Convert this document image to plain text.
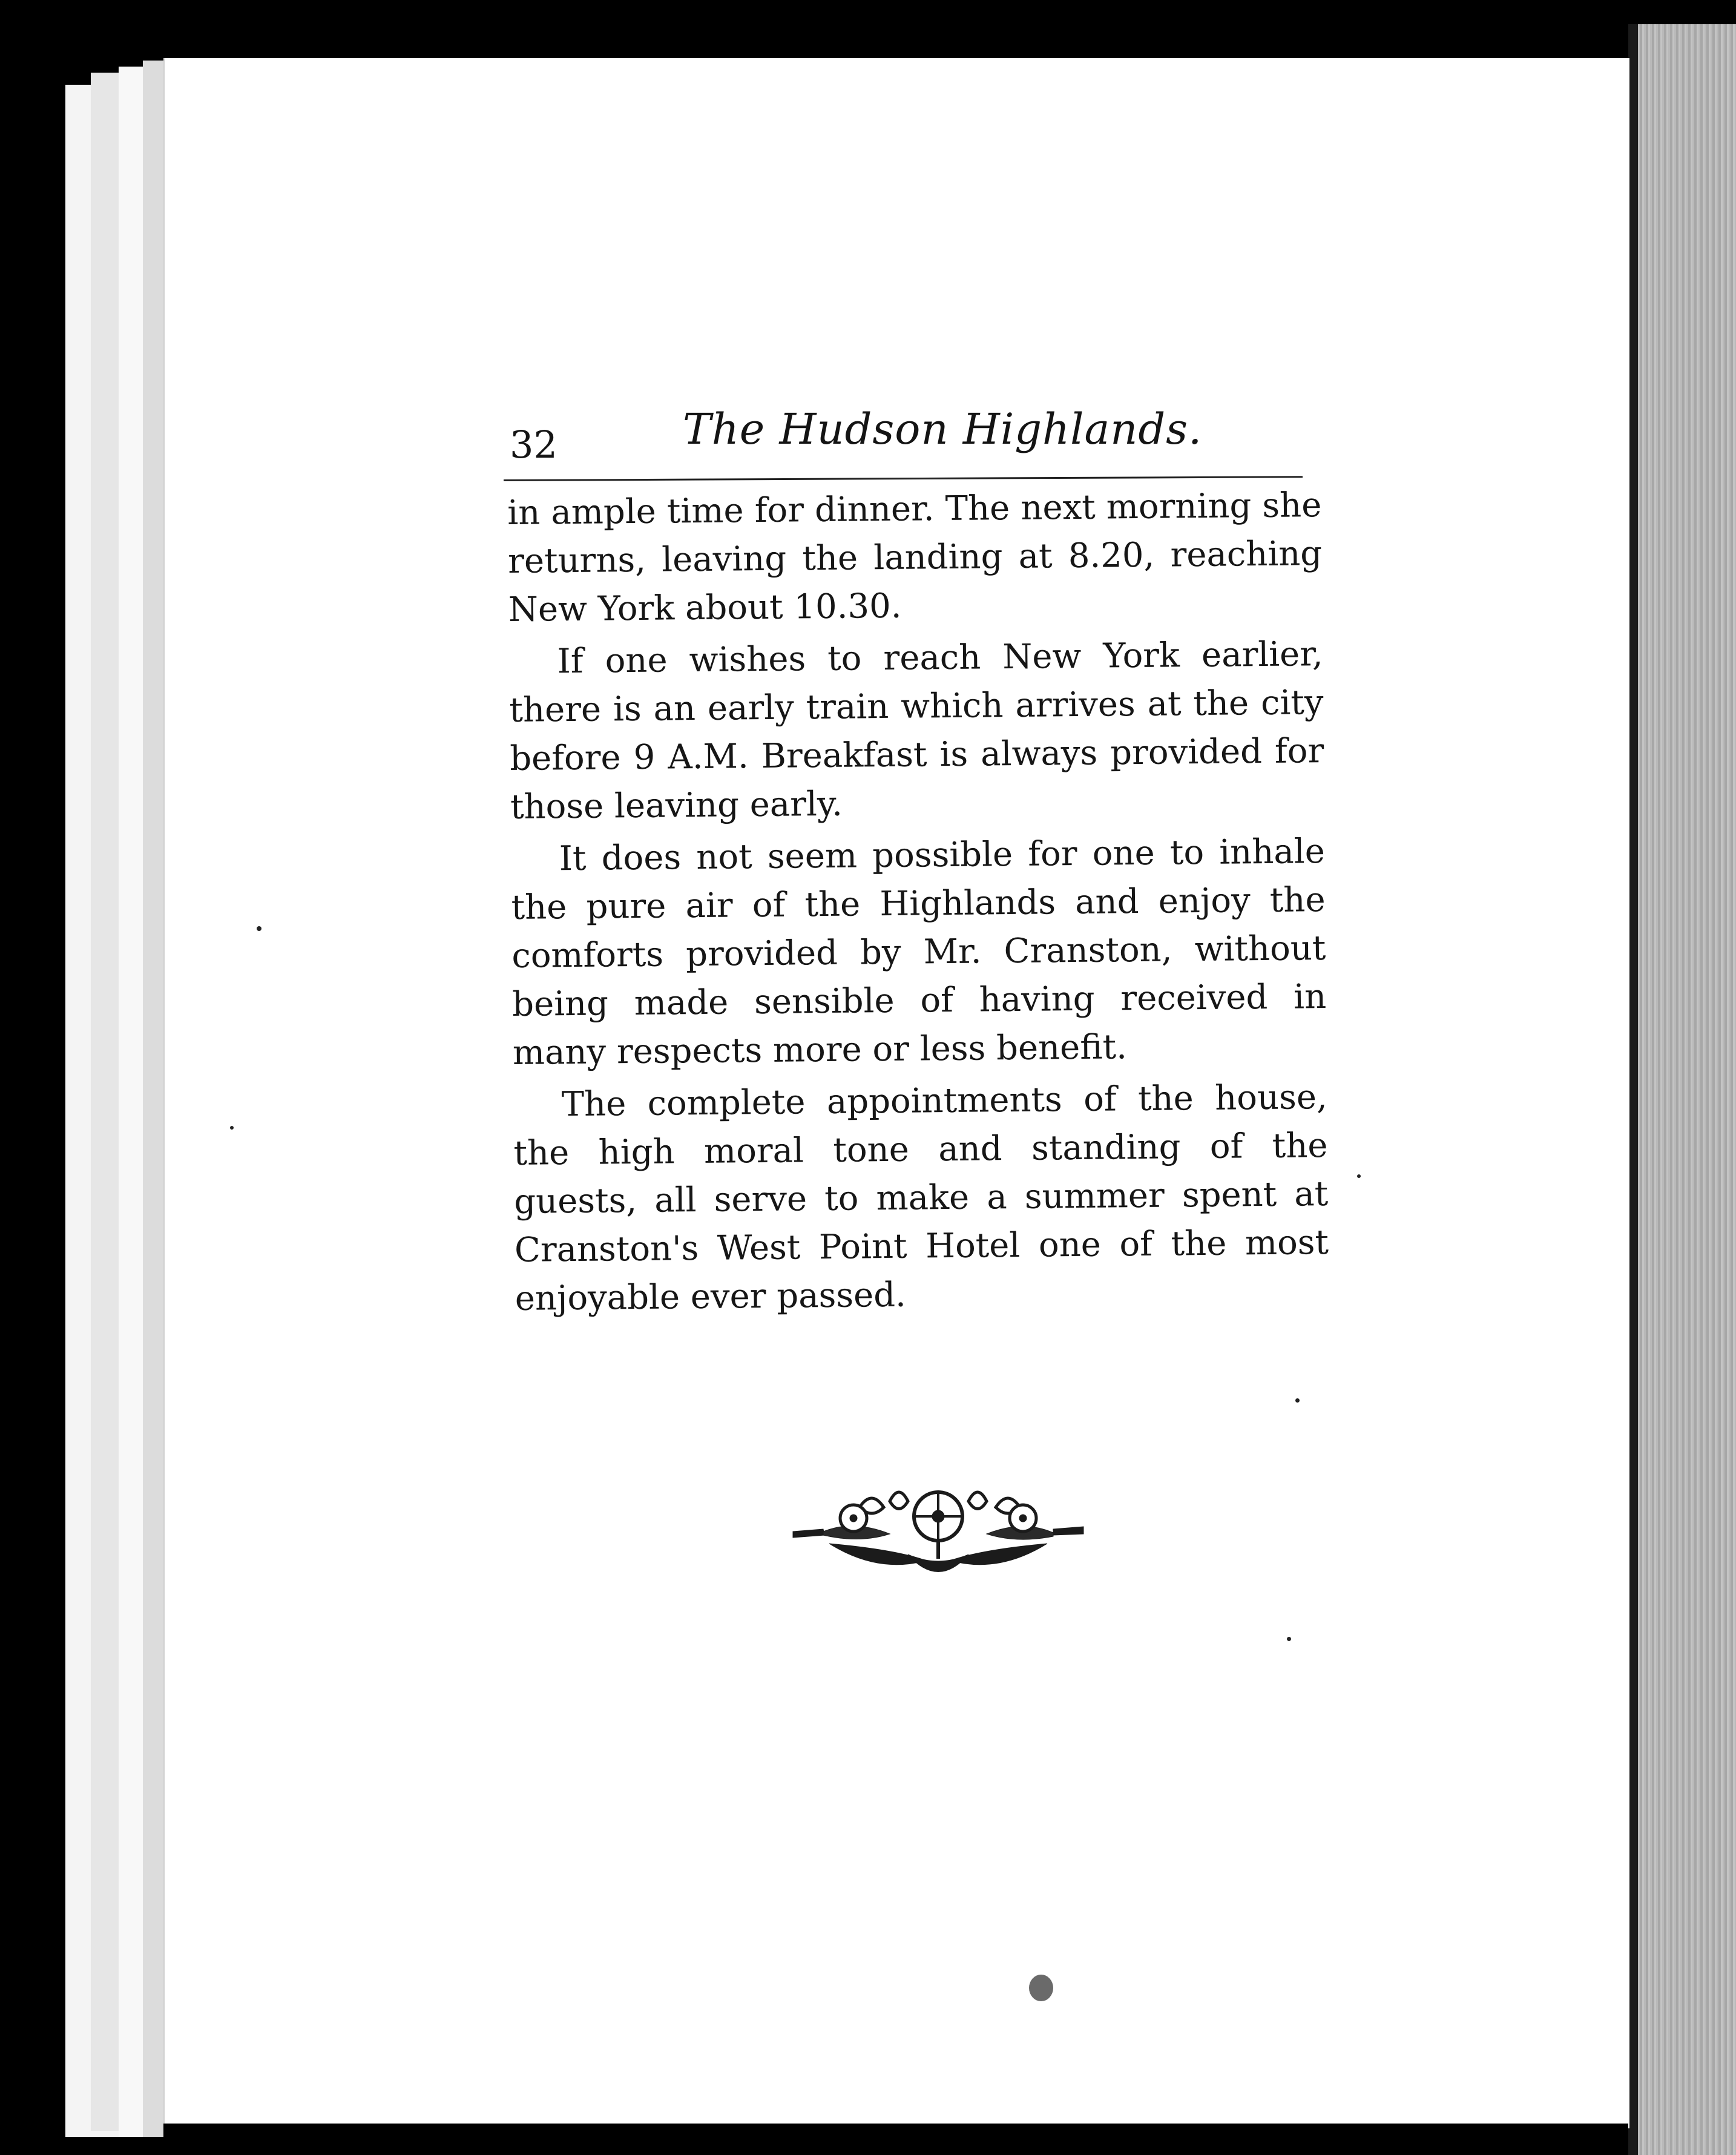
32	The Hudson Highlands.

in ample time for dinner. The next morning she returns, leaving the landing at 8.20, reaching New York about 10.30.

If one wishes to reach New York earlier, there is an early train which arrives at the city before 9 A.M. Breakfast is always provided for those leaving early.

It does not seem possible for one to inhale the pure air of the Highlands and enjoy the comforts provided by Mr. Cranston, without being made sensible of having received in many respects more or less benefit.

The complete appointments of the house, the high moral tone and standing of the guests, all serve to make a summer spent at Cranston's West Point Hotel one of the most enjoyable ever passed.
